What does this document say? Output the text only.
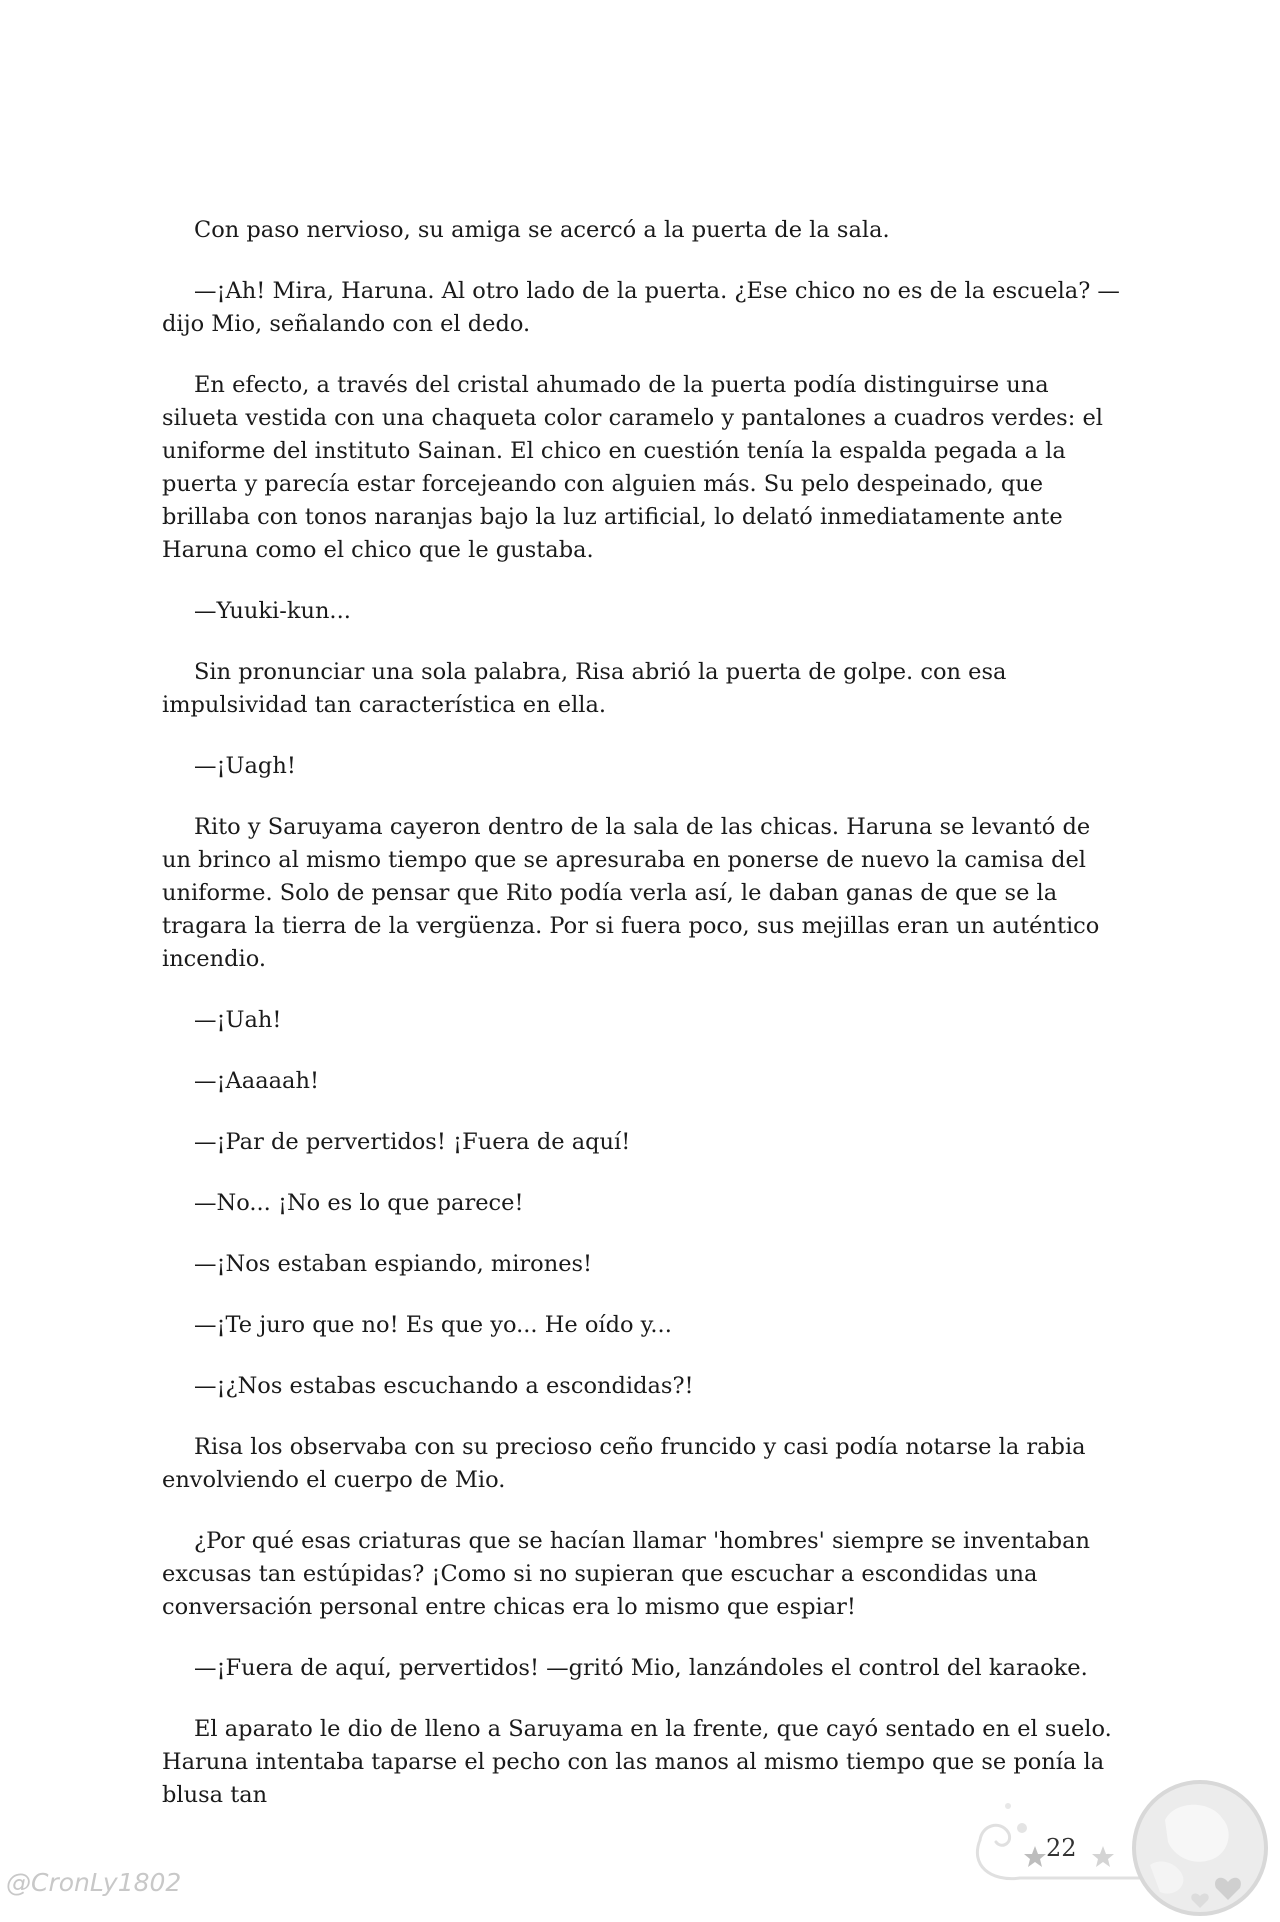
Con paso nervioso, su amiga se acercó a la puerta de la sala.

—¡Ah! Mira, Haruna. Al otro lado de la puerta. ¿Ese chico no es de la escuela? —dijo Mio, señalando con el dedo.

En efecto, a través del cristal ahumado de la puerta podía distinguirse una silueta vestida con una chaqueta color caramelo y pantalones a cuadros verdes: el uniforme del instituto Sainan. El chico en cuestión tenía la espalda pegada a la puerta y parecía estar forcejeando con alguien más. Su pelo despeinado, que brillaba con tonos naranjas bajo la luz artificial, lo delató inmediatamente ante Haruna como el chico que le gustaba.

—Yuuki-kun...

Sin pronunciar una sola palabra, Risa abrió la puerta de golpe. con esa impulsividad tan característica en ella.

—¡Uagh!

Rito y Saruyama cayeron dentro de la sala de las chicas. Haruna se levantó de un brinco al mismo tiempo que se apresuraba en ponerse de nuevo la camisa del uniforme. Solo de pensar que Rito podía verla así, le daban ganas de que se la tragara la tierra de la vergüenza. Por si fuera poco, sus mejillas eran un auténtico incendio.

—¡Uah!

—¡Aaaaah!

—¡Par de pervertidos! ¡Fuera de aquí!

—No... ¡No es lo que parece!

—¡Nos estaban espiando, mirones!

—¡Te juro que no! Es que yo... He oído y...

—¡¿Nos estabas escuchando a escondidas?!

Risa los observaba con su precioso ceño fruncido y casi podía notarse la rabia envolviendo el cuerpo de Mio.

¿Por qué esas criaturas que se hacían llamar 'hombres' siempre se inventaban excusas tan estúpidas? ¡Como si no supieran que escuchar a escondidas una conversación personal entre chicas era lo mismo que espiar!

—¡Fuera de aquí, pervertidos! —gritó Mio, lanzándoles el control del karaoke.

El aparato le dio de lleno a Saruyama en la frente, que cayó sentado en el suelo. Haruna intentaba taparse el pecho con las manos al mismo tiempo que se ponía la blusa tan

22
@CronLy1802
